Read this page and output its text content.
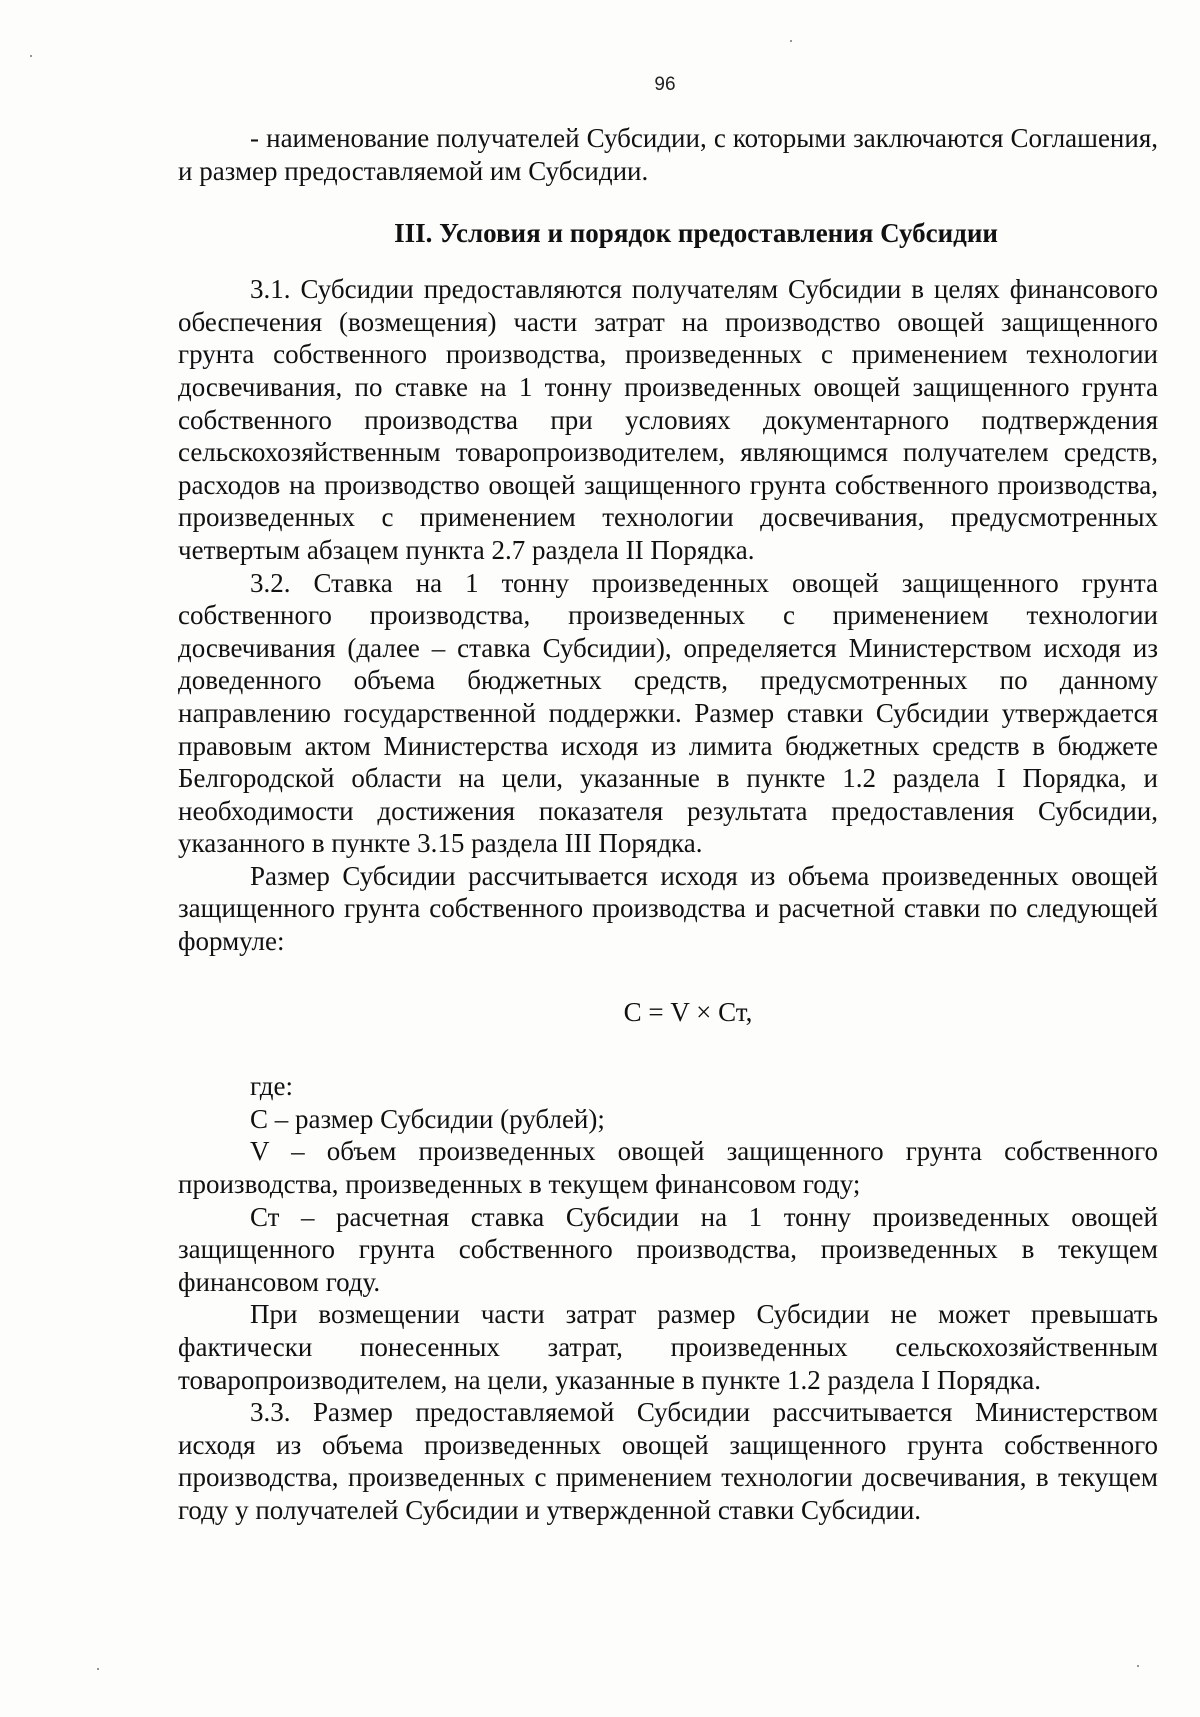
96

- наименование получателей Субсидии, с которыми заключаются Соглашения, и размер предоставляемой им Субсидии.

III. Условия и порядок предоставления Субсидии

3.1. Субсидии предоставляются получателям Субсидии в целях финансового обеспечения (возмещения) части затрат на производство овощей защищенного грунта собственного производства, произведенных с применением технологии досвечивания, по ставке на 1 тонну произведенных овощей защищенного грунта собственного производства при условиях документарного подтверждения сельскохозяйственным товаропроизводителем, являющимся получателем средств, расходов на производство овощей защищенного грунта собственного производства, произведенных с применением технологии досвечивания, предусмотренных четвертым абзацем пункта 2.7 раздела II Порядка.

3.2. Ставка на 1 тонну произведенных овощей защищенного грунта собственного производства, произведенных с применением технологии досвечивания (далее – ставка Субсидии), определяется Министерством исходя из доведенного объема бюджетных средств, предусмотренных по данному направлению государственной поддержки. Размер ставки Субсидии утверждается правовым актом Министерства исходя из лимита бюджетных средств в бюджете Белгородской области на цели, указанные в пункте 1.2 раздела I Порядка, и необходимости достижения показателя результата предоставления Субсидии, указанного в пункте 3.15 раздела III Порядка.

Размер Субсидии рассчитывается исходя из объема произведенных овощей защищенного грунта собственного производства и расчетной ставки по следующей формуле:

С = V × Ст,

где:

С – размер Субсидии (рублей);

V – объем произведенных овощей защищенного грунта собственного производства, произведенных в текущем финансовом году;

Ст – расчетная ставка Субсидии на 1 тонну произведенных овощей защищенного грунта собственного производства, произведенных в текущем финансовом году.

При возмещении части затрат размер Субсидии не может превышать фактически понесенных затрат, произведенных сельскохозяйственным товаропроизводителем, на цели, указанные в пункте 1.2 раздела I Порядка.

3.3. Размер предоставляемой Субсидии рассчитывается Министерством исходя из объема произведенных овощей защищенного грунта собственного производства, произведенных с применением технологии досвечивания, в текущем году у получателей Субсидии и утвержденной ставки Субсидии.
